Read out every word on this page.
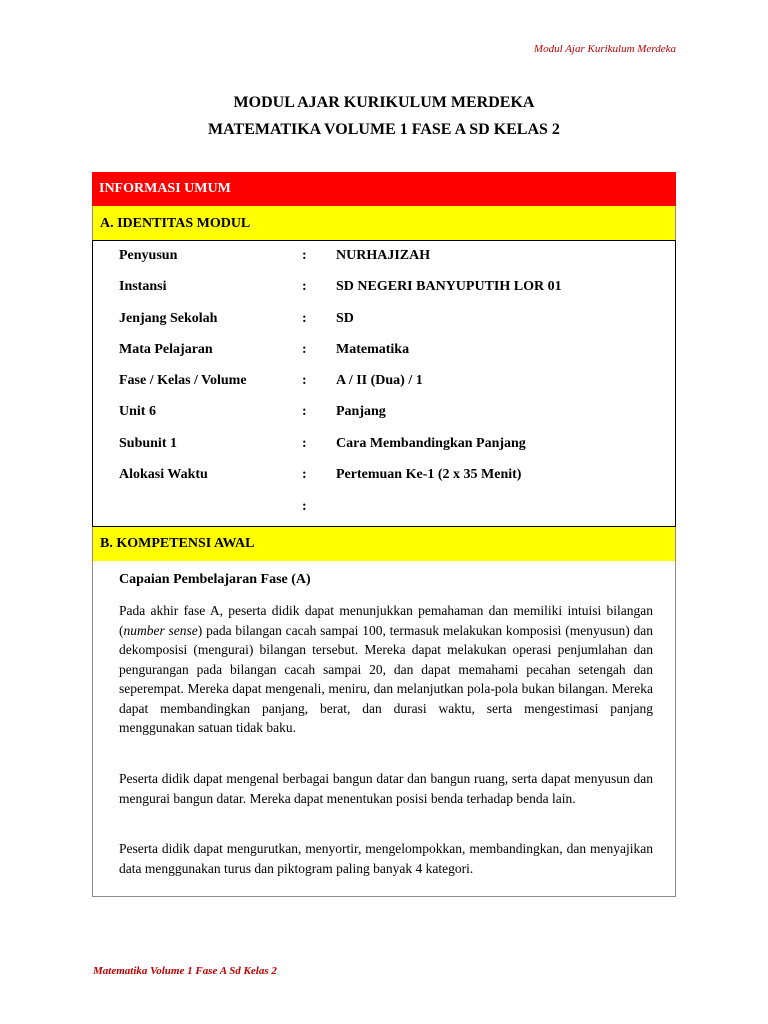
Modul Ajar Kurikulum Merdeka
MODUL AJAR KURIKULUM MERDEKA
MATEMATIKA VOLUME 1 FASE A SD KELAS 2
INFORMASI UMUM
A. IDENTITAS MODUL
Penyusun	: NURHAJIZAH
Instansi	: SD NEGERI BANYUPUTIH LOR 01
Jenjang Sekolah	: SD
Mata Pelajaran	: Matematika
Fase / Kelas / Volume	: A / II (Dua) / 1
Unit 6	: Panjang
Subunit 1	: Cara Membandingkan Panjang
Alokasi Waktu	: Pertemuan Ke-1 (2 x 35 Menit)
:
B. KOMPETENSI AWAL
Capaian Pembelajaran Fase (A)
Pada akhir fase A, peserta didik dapat menunjukkan pemahaman dan memiliki intuisi bilangan (number sense) pada bilangan cacah sampai 100, termasuk melakukan komposisi (menyusun) dan dekomposisi (mengurai) bilangan tersebut. Mereka dapat melakukan operasi penjumlahan dan pengurangan pada bilangan cacah sampai 20, dan dapat memahami pecahan setengah dan seperempat. Mereka dapat mengenali, meniru, dan melanjutkan pola-pola bukan bilangan. Mereka dapat membandingkan panjang, berat, dan durasi waktu, serta mengestimasi panjang menggunakan satuan tidak baku.
Peserta didik dapat mengenal berbagai bangun datar dan bangun ruang, serta dapat menyusun dan mengurai bangun datar. Mereka dapat menentukan posisi benda terhadap benda lain.
Peserta didik dapat mengurutkan, menyortir, mengelompokkan, membandingkan, dan menyajikan data menggunakan turus dan piktogram paling banyak 4 kategori.
Matematika Volume 1 Fase A Sd Kelas 2
